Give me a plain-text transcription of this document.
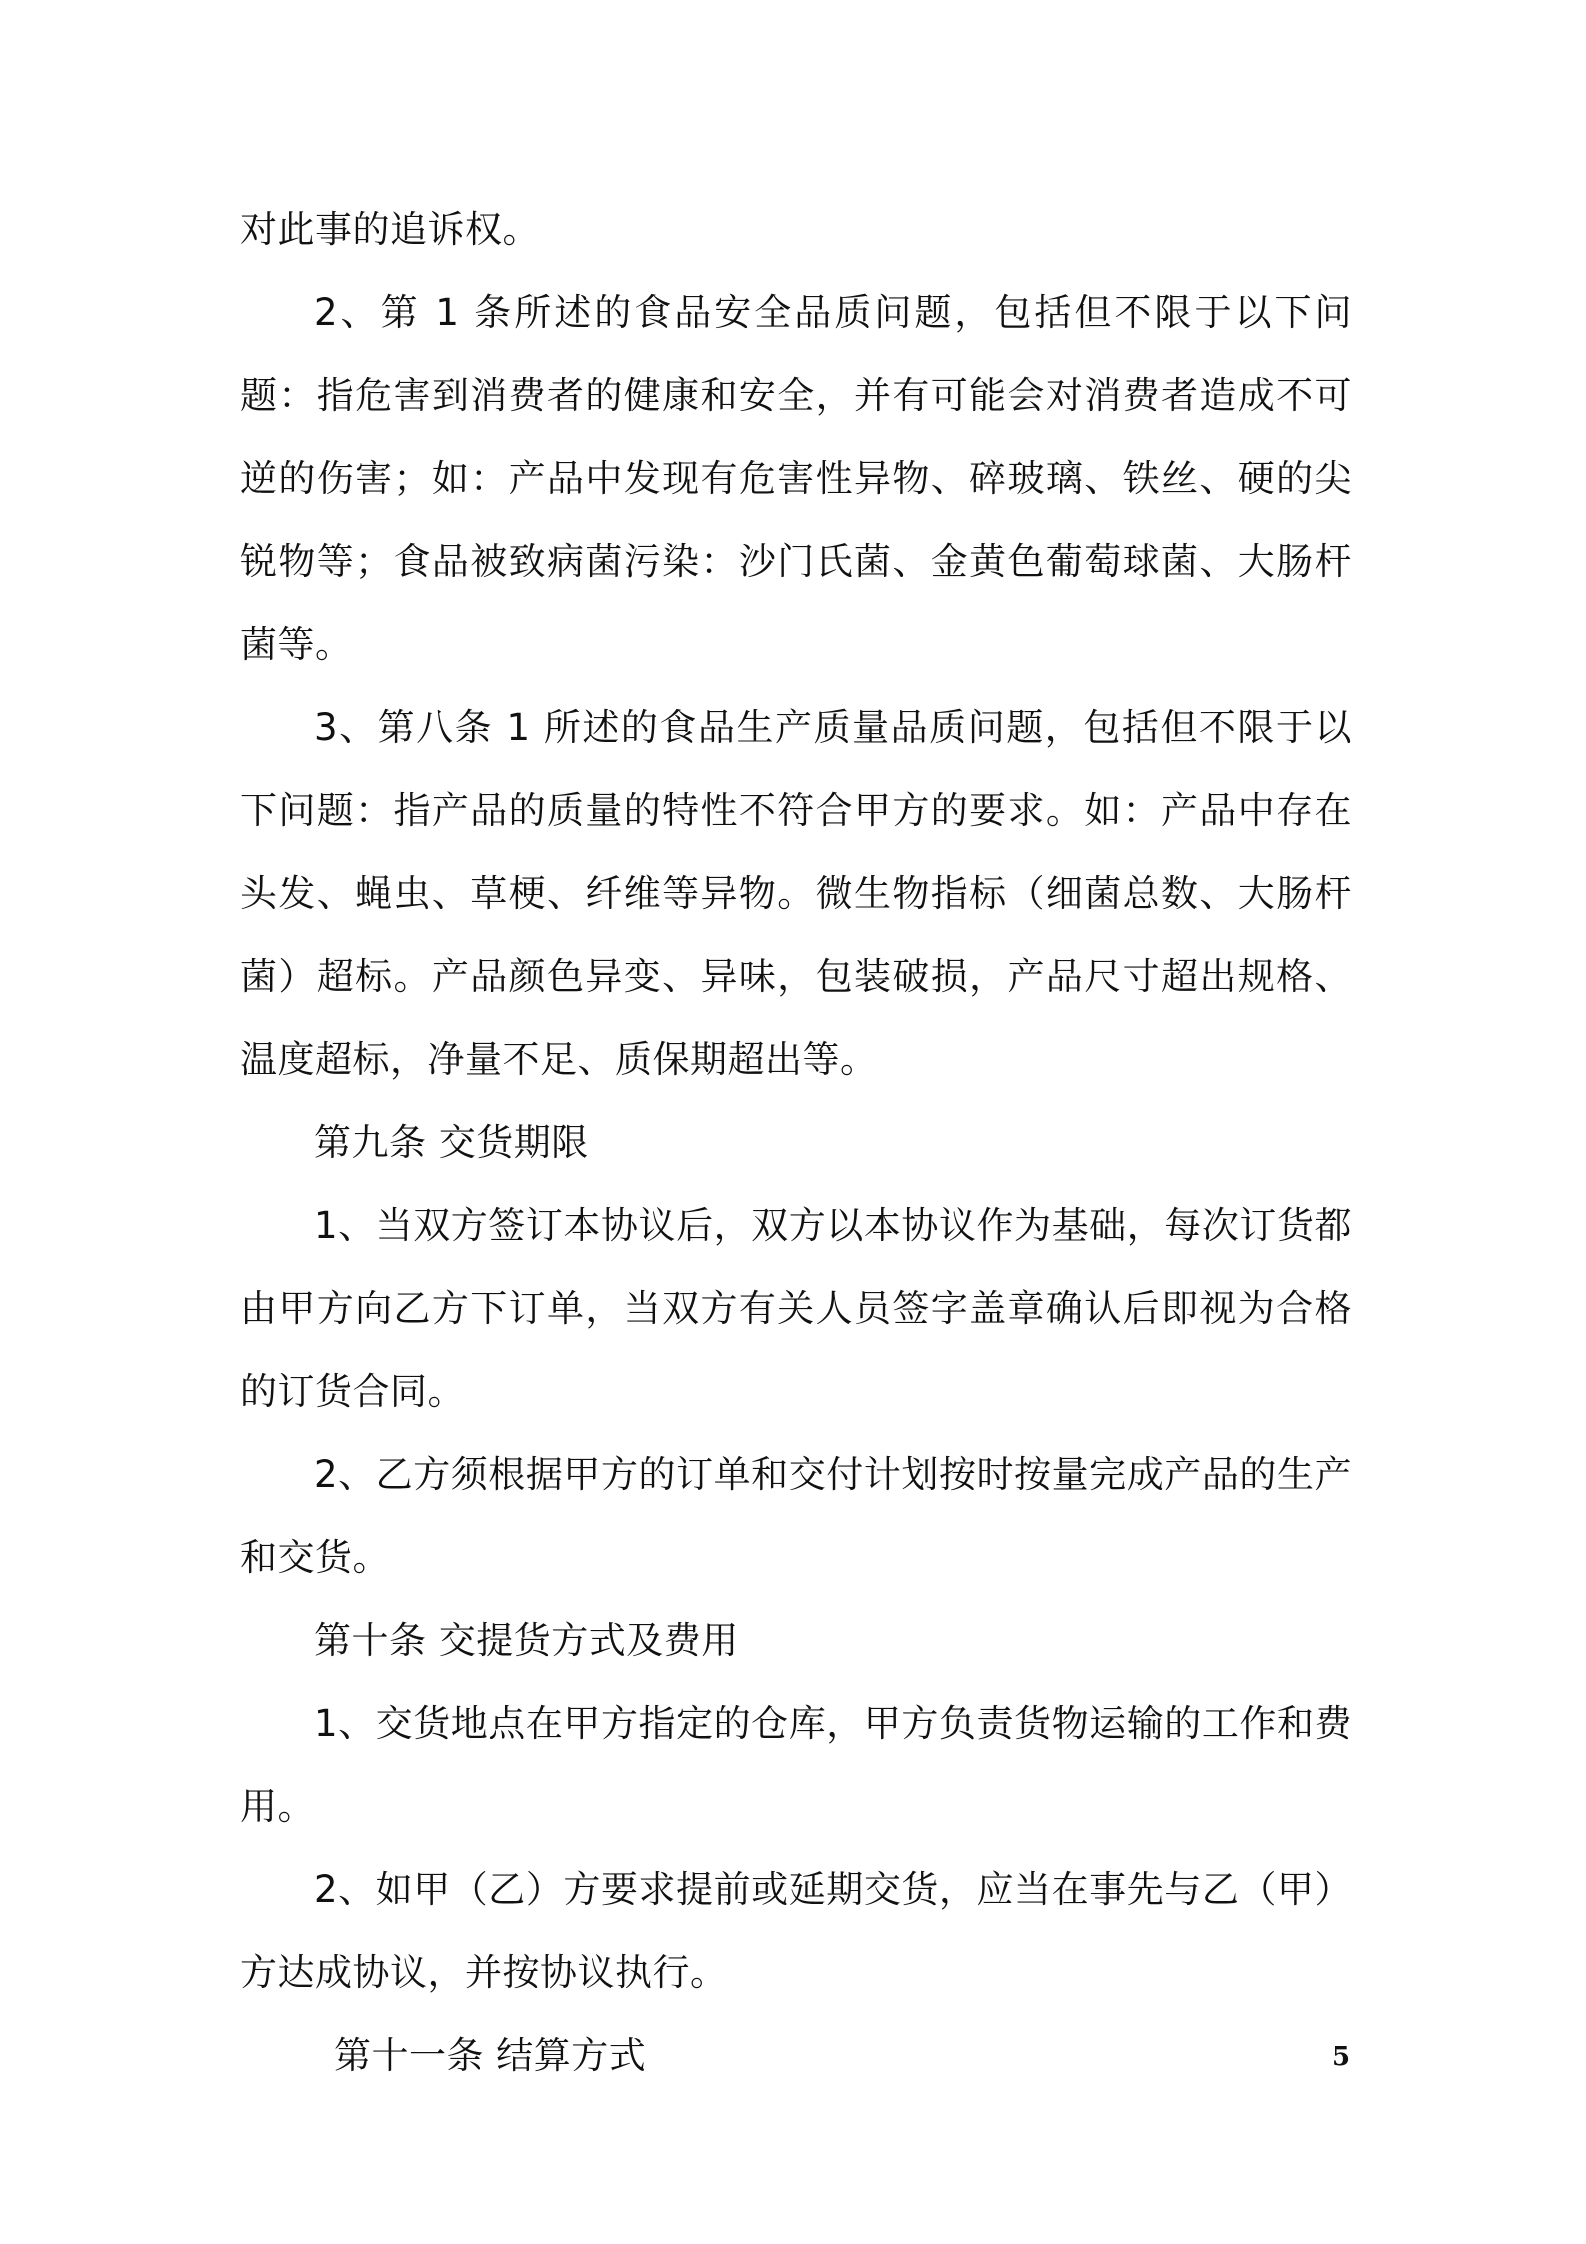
对此事的追诉权。

2、第 1 条所述的食品安全品质问题，包括但不限于以下问题：指危害到消费者的健康和安全，并有可能会对消费者造成不可逆的伤害；如：产品中发现有危害性异物、碎玻璃、铁丝、硬的尖锐物等；食品被致病菌污染：沙门氏菌、金黄色葡萄球菌、大肠杆菌等。

3、第八条 1 所述的食品生产质量品质问题，包括但不限于以下问题：指产品的质量的特性不符合甲方的要求。如：产品中存在头发、蝇虫、草梗、纤维等异物。微生物指标（细菌总数、大肠杆菌）超标。产品颜色异变、异味，包装破损，产品尺寸超出规格、温度超标，净量不足、质保期超出等。

第九条 交货期限

1、当双方签订本协议后，双方以本协议作为基础，每次订货都由甲方向乙方下订单，当双方有关人员签字盖章确认后即视为合格的订货合同。

2、乙方须根据甲方的订单和交付计划按时按量完成产品的生产和交货。

第十条 交提货方式及费用

1、交货地点在甲方指定的仓库，甲方负责货物运输的工作和费用。

2、如甲（乙）方要求提前或延期交货，应当在事先与乙（甲）方达成协议，并按协议执行。

第十一条 结算方式	5
